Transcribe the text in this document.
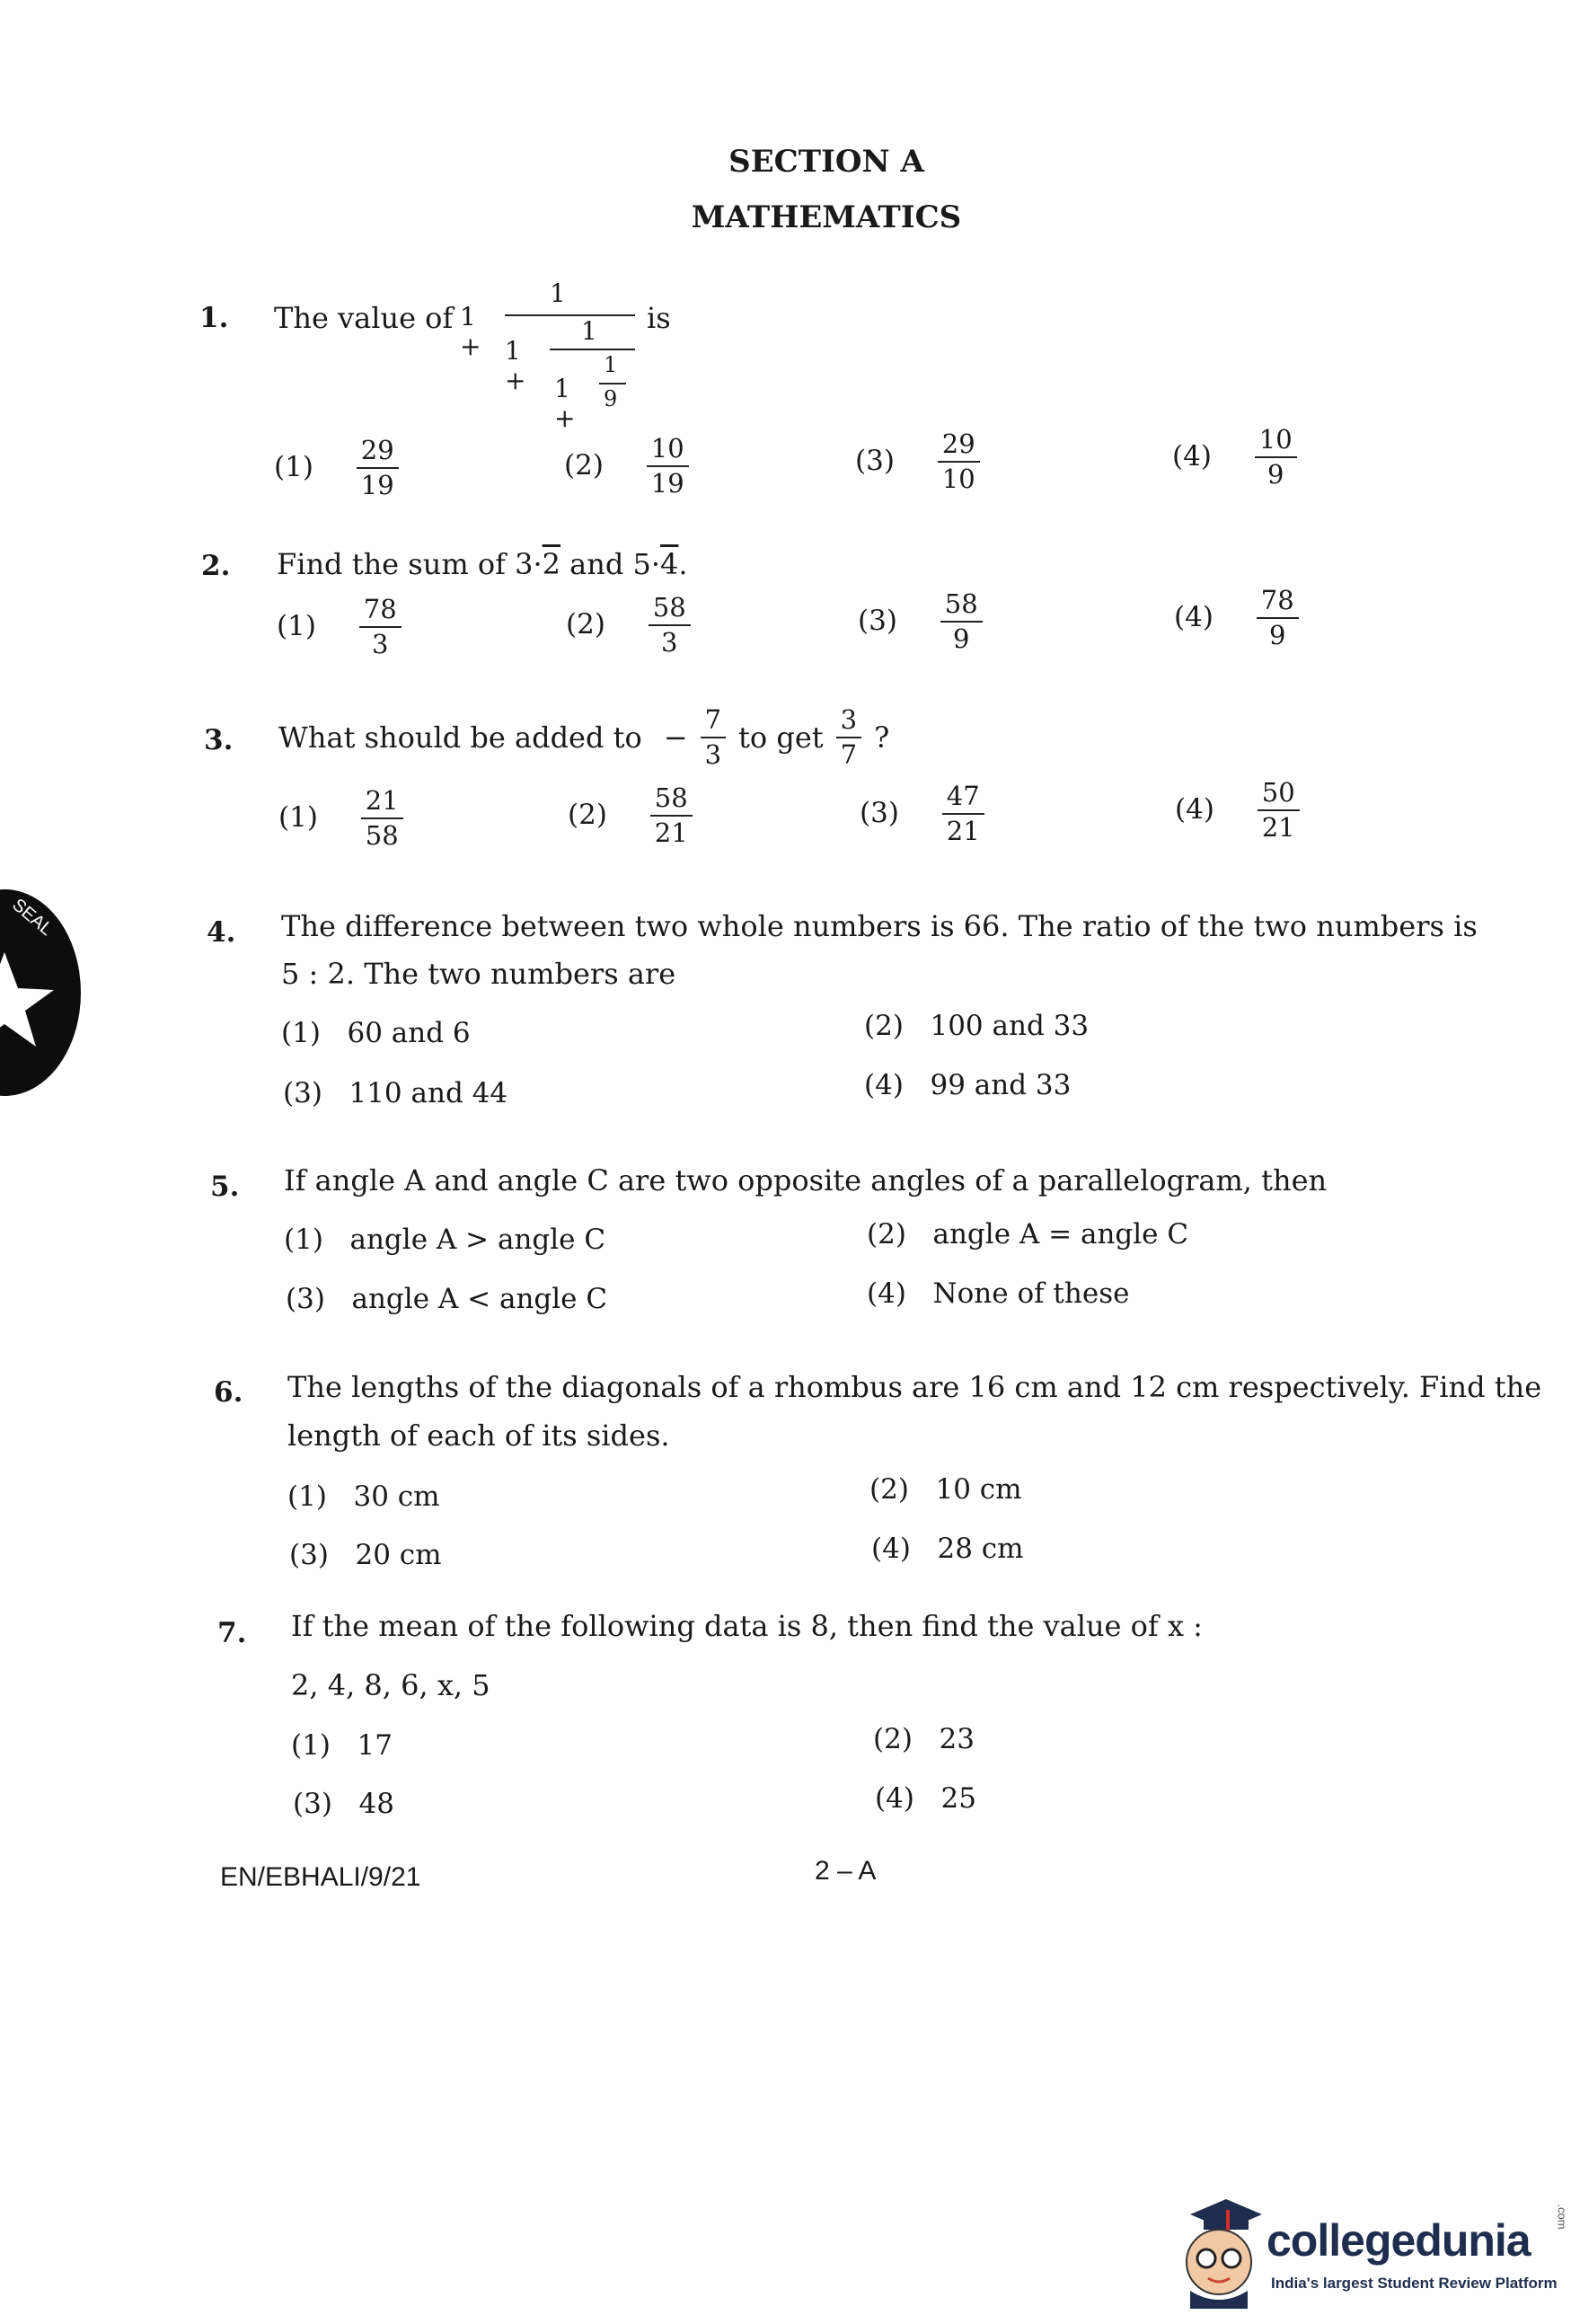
SECTION A
MATHEMATICS
1. The value of 1 +
1
1 +
1
1 +
1
9
is
$(1) \frac{29}{19}$	$(2) \frac{10}{19}$	$(3) \frac{29}{10}$	$(4) \frac{10}{9}$
2. Find the sum of 3·2 and 5·4.
$(1) \frac{78}{3}$	$(2) \frac{58}{3}$	$(3) \frac{58}{9}$	$(4) \frac{78}{9}$
3. What should be added to − $\frac{7}{3}$ to get $\frac{3}{7}$ ?
$(1) \frac{21}{58}$	$(2) \frac{58}{21}$	$(3) \frac{47}{21}$	$(4) \frac{50}{21}$
4. The difference between two whole numbers is 66. The ratio of the two numbers is
5 : 2. The two numbers are
(1) 60 and 6	(2) 100 and 33
(3) 110 and 44	(4) 99 and 33
5. If angle A and angle C are two opposite angles of a parallelogram, then
(1) angle A > angle C	(2) angle A = angle C
(3) angle A < angle C	(4) None of these
6. The lengths of the diagonals of a rhombus are 16 cm and 12 cm respectively. Find the
length of each of its sides.
(1) 30 cm	(2) 10 cm
(3) 20 cm	(4) 28 cm
7. If the mean of the following data is 8, then find the value of x :
2, 4, 8, 6, x, 5
(1) 17	(2) 23
(3) 48	(4) 25
EN/EBHALI/9/21	2 – A
SEAL
collegedunia .com
India's largest Student Review Platform
